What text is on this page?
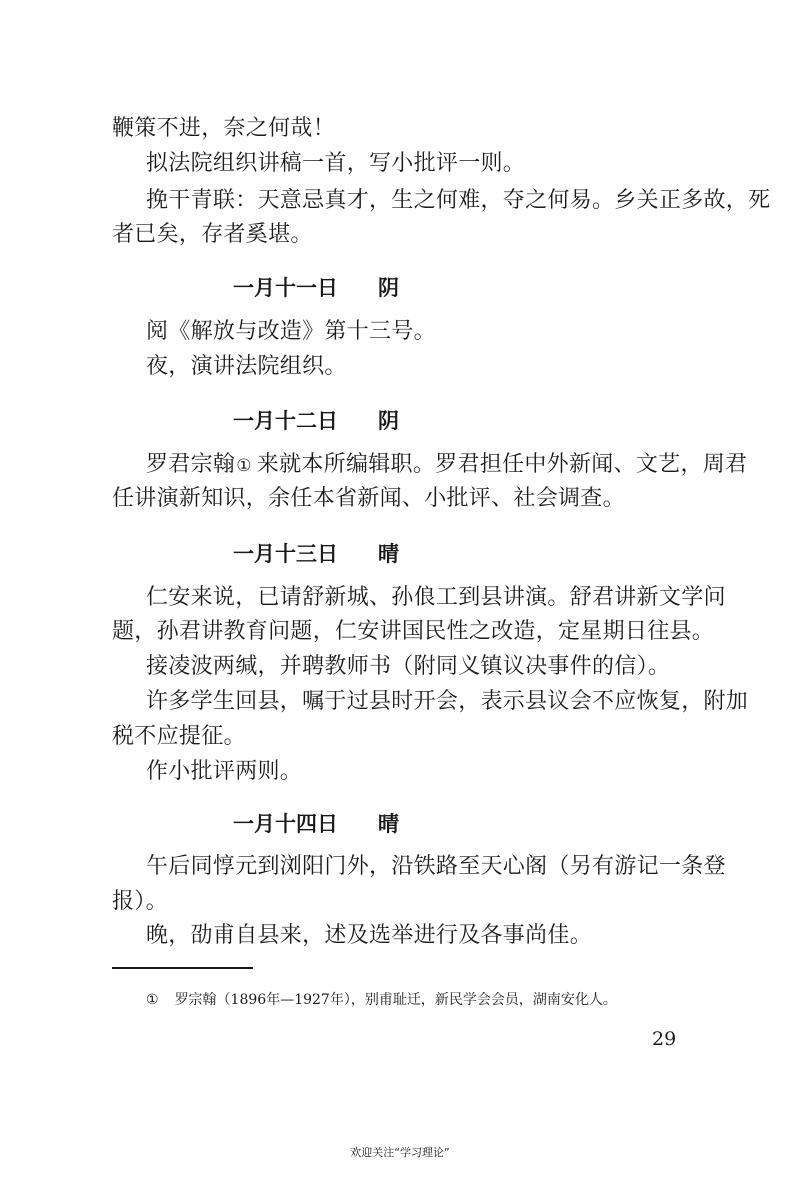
鞭策不进，奈之何哉！
拟法院组织讲稿一首，写小批评一则。
挽干青联：天意忌真才，生之何难，夺之何易。乡关正多故，死
者已矣，存者奚堪。
一月十一日 阴
阅《解放与改造》第十三号。
夜，演讲法院组织。
一月十二日 阴
罗君宗翰① 来就本所编辑职。罗君担任中外新闻、文艺，周君
任讲演新知识，余任本省新闻、小批评、社会调查。
一月十三日 晴
仁安来说，已请舒新城、孙俍工到县讲演。舒君讲新文学问
题，孙君讲教育问题，仁安讲国民性之改造，定星期日往县。
接凌波两缄，并聘教师书（附同义镇议决事件的信）。
许多学生回县，嘱于过县时开会，表示县议会不应恢复，附加
税不应提征。
作小批评两则。
一月十四日 晴
午后同惇元到浏阳门外，沿铁路至天心阁（另有游记一条登
报）。
晚，劭甫自县来，述及选举进行及各事尚佳。
① 罗宗翰（1896年—1927年），别甫耻迁，新民学会会员，湖南安化人。
29
欢迎关注“学习理论”
